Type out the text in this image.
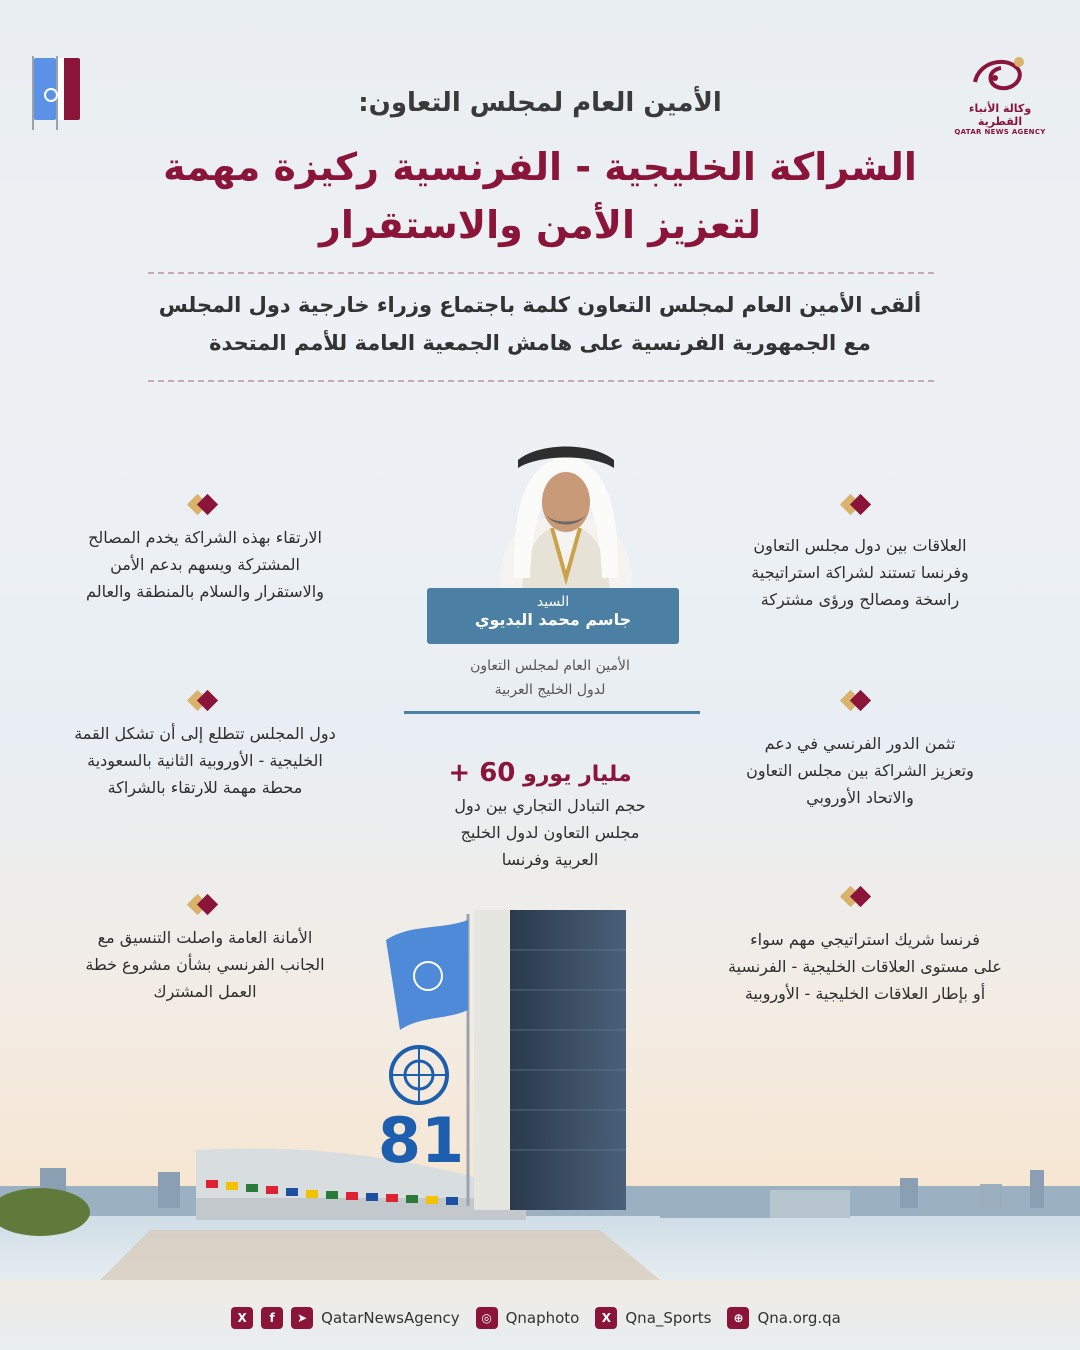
وكالة الأنباء القطرية
QATAR NEWS AGENCY
الأمين العام لمجلس التعاون:
الشراكة الخليجية - الفرنسية ركيزة مهمة
لتعزيز الأمن والاستقرار
ألقى الأمين العام لمجلس التعاون كلمة باجتماع وزراء خارجية دول المجلس
مع الجمهورية الفرنسية على هامش الجمعية العامة للأمم المتحدة
العلاقات بين دول مجلس التعاون
وفرنسا تستند لشراكة استراتيجية
راسخة ومصالح ورؤى مشتركة
تثمن الدور الفرنسي في دعم
وتعزيز الشراكة بين مجلس التعاون
والاتحاد الأوروبي
فرنسا شريك استراتيجي مهم سواء
على مستوى العلاقات الخليجية - الفرنسية
أو بإطار العلاقات الخليجية - الأوروبية
الارتقاء بهذه الشراكة يخدم المصالح
المشتركة ويسهم بدعم الأمن
والاستقرار والسلام بالمنطقة والعالم
دول المجلس تتطلع إلى أن تشكل القمة
الخليجية - الأوروبية الثانية بالسعودية
محطة مهمة للارتقاء بالشراكة
الأمانة العامة واصلت التنسيق مع
الجانب الفرنسي بشأن مشروع خطة
العمل المشترك
السيد
جاسم محمد البديوي
الأمين العام لمجلس التعاون
لدول الخليج العربية
مليار يورو 60 +
حجم التبادل التجاري بين دول
مجلس التعاون لدول الخليج
العربية وفرنسا
81
X	f	➤ QatarNewsAgency	◎ Qnaphoto	X Qna_Sports	⊕ Qna.org.qa
